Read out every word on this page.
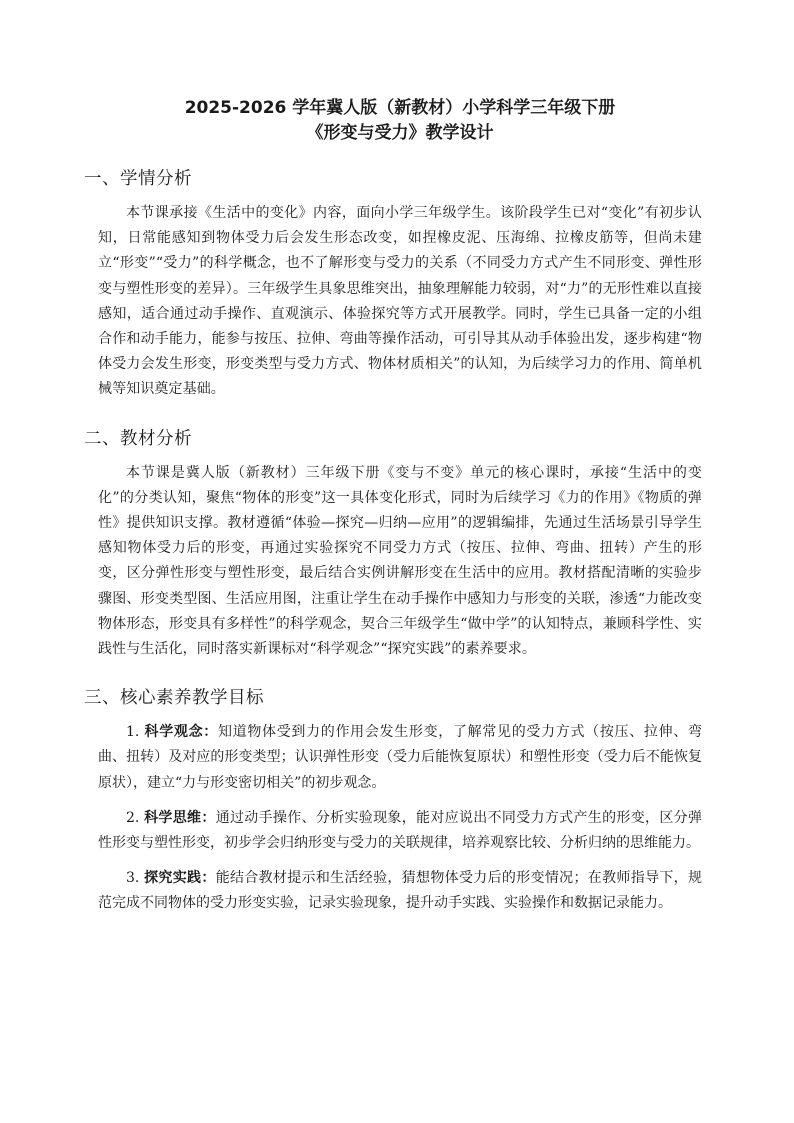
2025-2026 学年冀人版（新教材）小学科学三年级下册
《形变与受力》教学设计
一、学情分析

本节课承接《生活中的变化》内容，面向小学三年级学生。该阶段学生已对“变化”有初步认知，日常能感知到物体受力后会发生形态改变，如捏橡皮泥、压海绵、拉橡皮筋等，但尚未建立“形变”“受力”的科学概念，也不了解形变与受力的关系（不同受力方式产生不同形变、弹性形变与塑性形变的差异）。三年级学生具象思维突出，抽象理解能力较弱，对“力”的无形性难以直接感知，适合通过动手操作、直观演示、体验探究等方式开展教学。同时，学生已具备一定的小组合作和动手能力，能参与按压、拉伸、弯曲等操作活动，可引导其从动手体验出发，逐步构建“物体受力会发生形变，形变类型与受力方式、物体材质相关”的认知，为后续学习力的作用、简单机械等知识奠定基础。

二、教材分析

本节课是冀人版（新教材）三年级下册《变与不变》单元的核心课时，承接“生活中的变化”的分类认知，聚焦“物体的形变”这一具体变化形式，同时为后续学习《力的作用》《物质的弹性》提供知识支撑。教材遵循“体验—探究—归纳—应用”的逻辑编排，先通过生活场景引导学生感知物体受力后的形变，再通过实验探究不同受力方式（按压、拉伸、弯曲、扭转）产生的形变，区分弹性形变与塑性形变，最后结合实例讲解形变在生活中的应用。教材搭配清晰的实验步骤图、形变类型图、生活应用图，注重让学生在动手操作中感知力与形变的关联，渗透“力能改变物体形态，形变具有多样性”的科学观念，契合三年级学生“做中学”的认知特点，兼顾科学性、实践性与生活化，同时落实新课标对“科学观念”“探究实践”的素养要求。

三、核心素养教学目标

1. 科学观念：知道物体受到力的作用会发生形变，了解常见的受力方式（按压、拉伸、弯曲、扭转）及对应的形变类型；认识弹性形变（受力后能恢复原状）和塑性形变（受力后不能恢复原状），建立“力与形变密切相关”的初步观念。

2. 科学思维：通过动手操作、分析实验现象，能对应说出不同受力方式产生的形变，区分弹性形变与塑性形变，初步学会归纳形变与受力的关联规律，培养观察比较、分析归纳的思维能力。

3. 探究实践：能结合教材提示和生活经验，猜想物体受力后的形变情况；在教师指导下，规范完成不同物体的受力形变实验，记录实验现象，提升动手实践、实验操作和数据记录能力。
